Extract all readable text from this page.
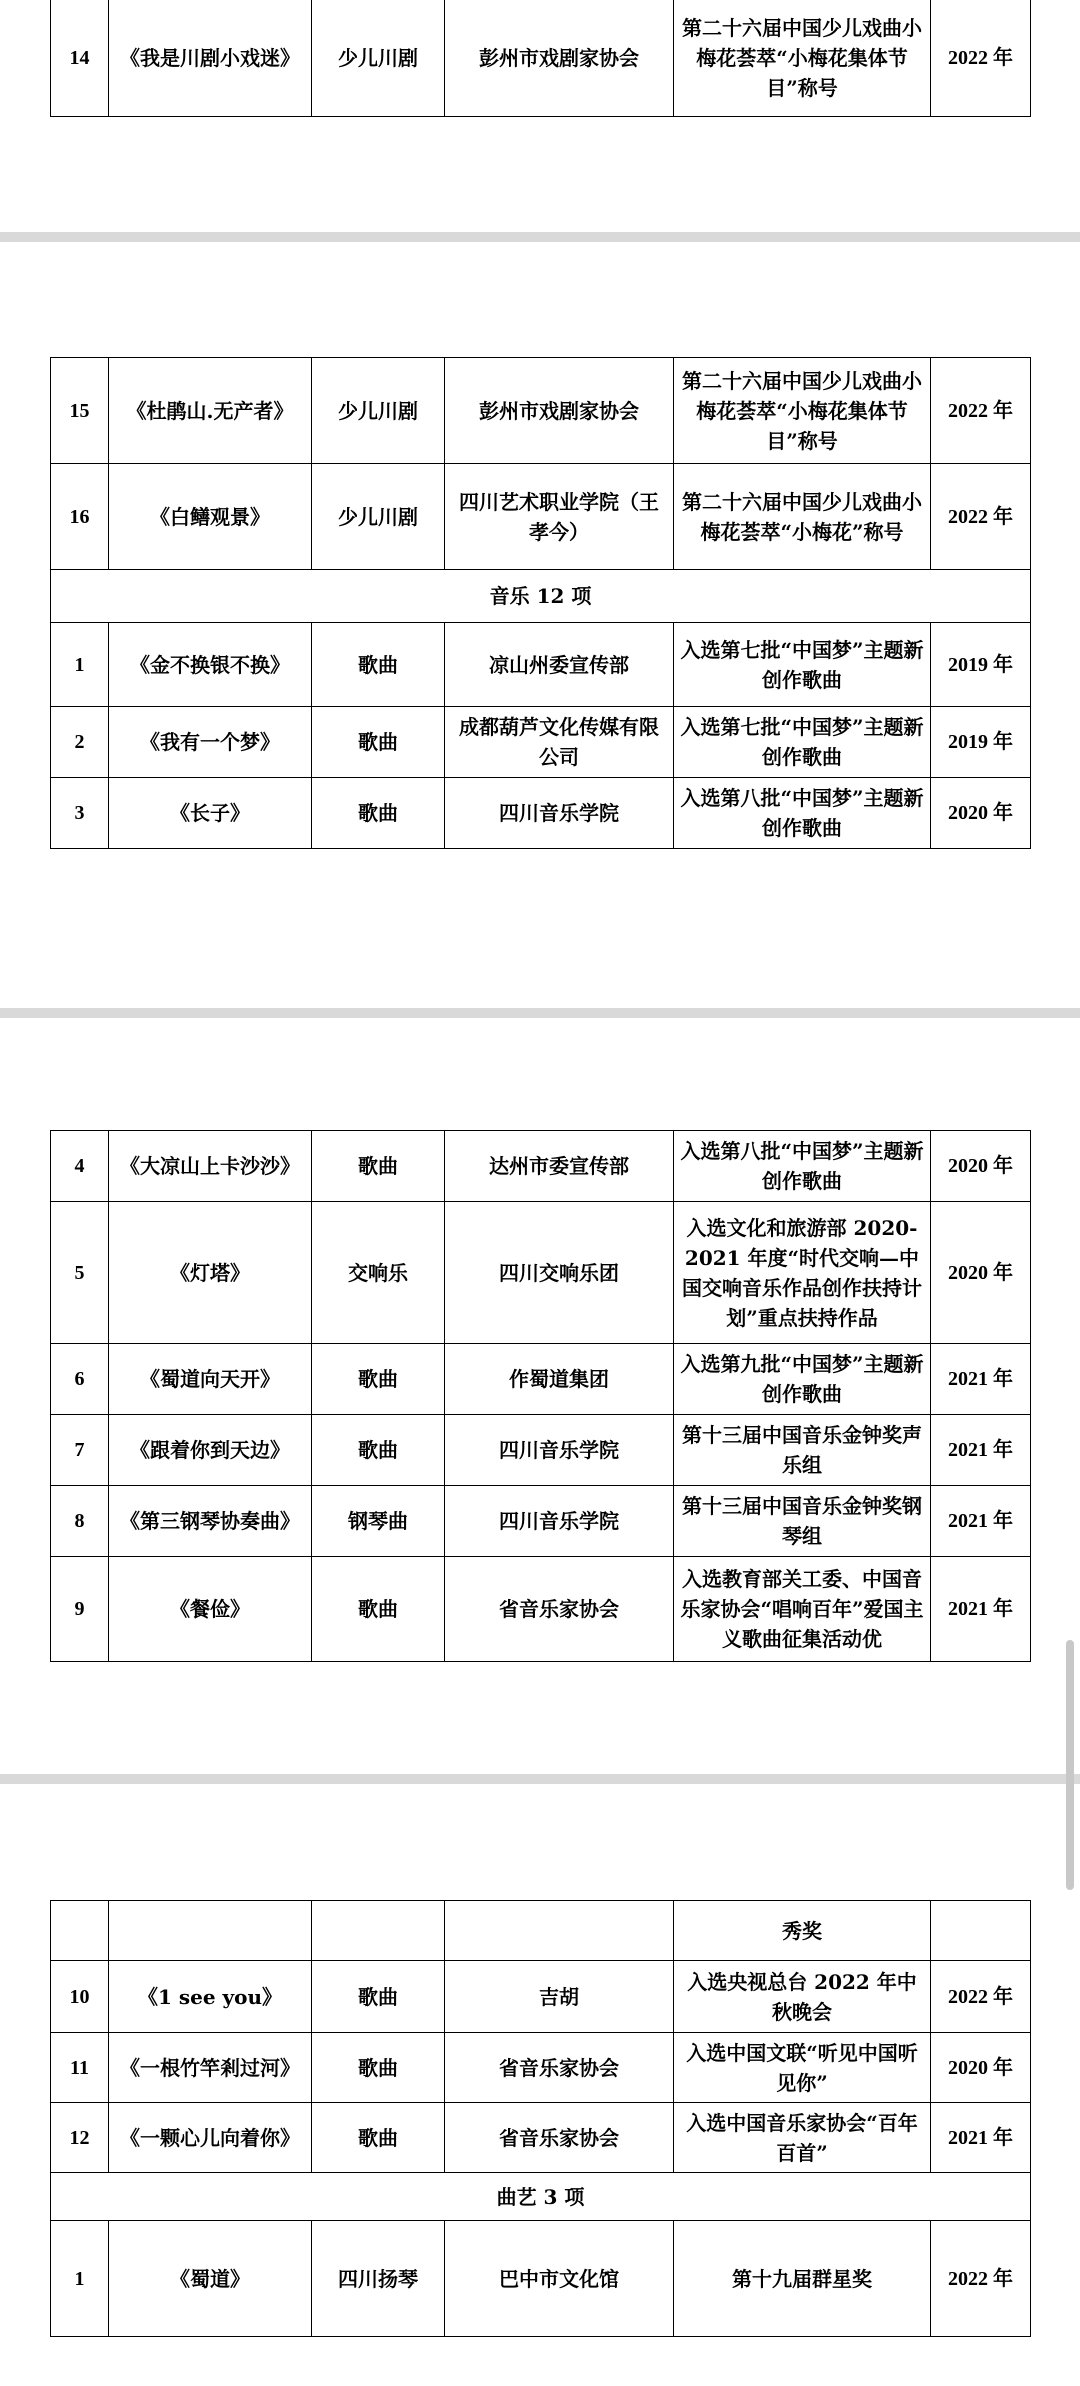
14	《我是川剧小戏迷》	少儿川剧	彭州市戏剧家协会	第二十六届中国少儿戏曲小梅花荟萃“小梅花集体节目”称号	2022 年
15	《杜鹃山.无产者》	少儿川剧	彭州市戏剧家协会	第二十六届中国少儿戏曲小梅花荟萃“小梅花集体节目”称号	2022 年
16	《白鳝观景》	少儿川剧	四川艺术职业学院（王孝今）	第二十六届中国少儿戏曲小梅花荟萃“小梅花”称号	2022 年
音乐 12 项					
1	《金不换银不换》	歌曲	凉山州委宣传部	入选第七批“中国梦”主题新创作歌曲	2019 年
2	《我有一个梦》	歌曲	成都葫芦文化传媒有限公司	入选第七批“中国梦”主题新创作歌曲	2019 年
3	《长子》	歌曲	四川音乐学院	入选第八批“中国梦”主题新创作歌曲	2020 年
4	《大凉山上卡沙沙》	歌曲	达州市委宣传部	入选第八批“中国梦”主题新创作歌曲	2020 年
5	《灯塔》	交响乐	四川交响乐团	入选文化和旅游部 2020-2021 年度“时代交响—中国交响音乐作品创作扶持计划”重点扶持作品	2020 年
6	《蜀道向天开》	歌曲	作蜀道集团	入选第九批“中国梦”主题新创作歌曲	2021 年
7	《跟着你到天边》	歌曲	四川音乐学院	第十三届中国音乐金钟奖声乐组	2021 年
8	《第三钢琴协奏曲》	钢琴曲	四川音乐学院	第十三届中国音乐金钟奖钢琴组	2021 年
9	《餐俭》	歌曲	省音乐家协会	入选教育部关工委、中国音乐家协会“唱响百年”爱国主义歌曲征集活动优	2021 年
				秀奖	
10	《1 see you》	歌曲	吉胡	入选央视总台 2022 年中秋晚会	2022 年
11	《一根竹竿剎过河》	歌曲	省音乐家协会	入选中国文联“听见中国听见你”	2020 年
12	《一颗心儿向着你》	歌曲	省音乐家协会	入选中国音乐家协会“百年百首”	2021 年
曲艺 3 项					
1	《蜀道》	四川扬琴	巴中市文化馆	第十九届群星奖	2022 年
